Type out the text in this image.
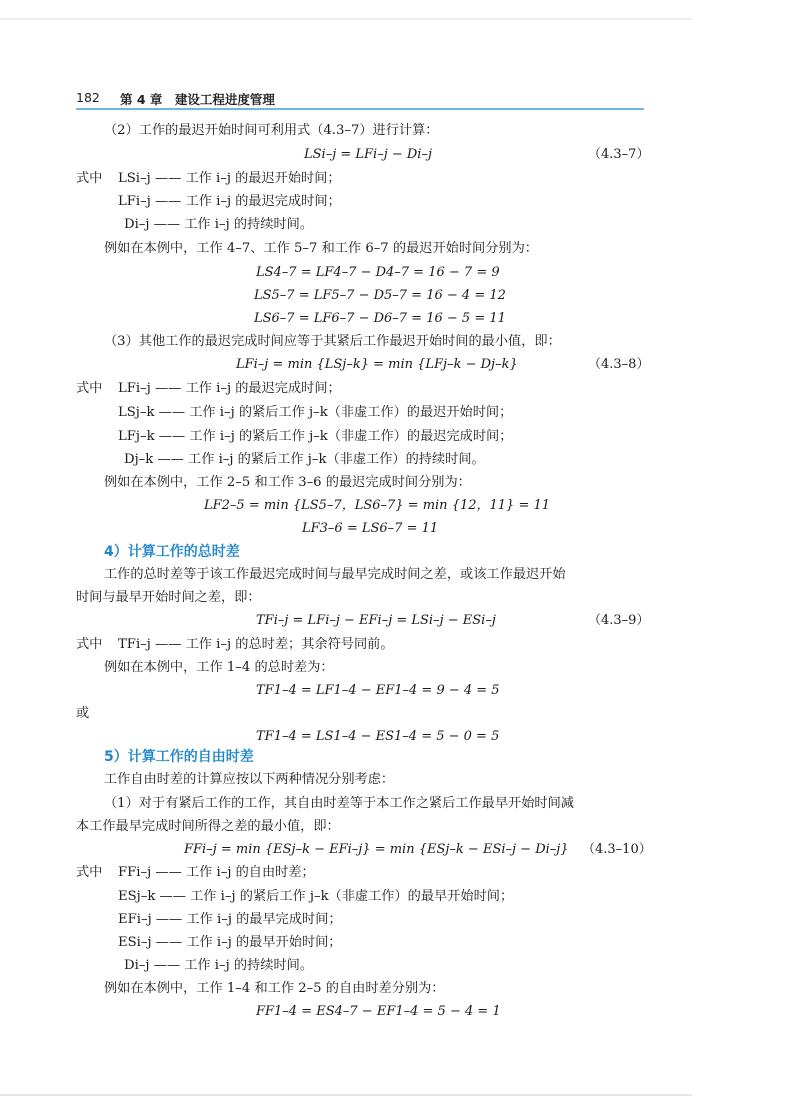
182 第 4 章　建设工程进度管理
（2）工作的最迟开始时间可利用式（4.3–7）进行计算：
LSi–j = LFi–j − Di–j	（4.3–7）
式中 LSi–j —— 工作 i–j 的最迟开始时间；
LFi–j —— 工作 i–j 的最迟完成时间；
Di–j —— 工作 i–j 的持续时间。
例如在本例中，工作 4–7、工作 5–7 和工作 6–7 的最迟开始时间分别为：
LS4–7 = LF4–7 − D4–7 = 16 − 7 = 9
LS5–7 = LF5–7 − D5–7 = 16 − 4 = 12
LS6–7 = LF6–7 − D6–7 = 16 − 5 = 11
（3）其他工作的最迟完成时间应等于其紧后工作最迟开始时间的最小值，即：
LFi–j = min {LSj–k} = min {LFj–k − Dj–k}	（4.3–8）
式中 LFi–j —— 工作 i–j 的最迟完成时间；
LSj–k —— 工作 i–j 的紧后工作 j–k（非虚工作）的最迟开始时间；
LFj–k —— 工作 i–j 的紧后工作 j–k（非虚工作）的最迟完成时间；
Dj–k —— 工作 i–j 的紧后工作 j–k（非虚工作）的持续时间。
例如在本例中，工作 2–5 和工作 3–6 的最迟完成时间分别为：
LF2–5 = min {LS5–7，LS6–7} = min {12，11} = 11
LF3–6 = LS6–7 = 11
4）计算工作的总时差
工作的总时差等于该工作最迟完成时间与最早完成时间之差，或该工作最迟开始
时间与最早开始时间之差，即：
TFi–j = LFi–j − EFi–j = LSi–j − ESi–j	（4.3–9）
式中 TFi–j —— 工作 i–j 的总时差；其余符号同前。
例如在本例中，工作 1–4 的总时差为：
TF1–4 = LF1–4 − EF1–4 = 9 − 4 = 5
或
TF1–4 = LS1–4 − ES1–4 = 5 − 0 = 5
5）计算工作的自由时差
工作自由时差的计算应按以下两种情况分别考虑：
（1）对于有紧后工作的工作，其自由时差等于本工作之紧后工作最早开始时间减
本工作最早完成时间所得之差的最小值，即：
FFi–j = min {ESj–k − EFi–j} = min {ESj–k − ESi–j − Di–j} （4.3–10）
式中 FFi–j —— 工作 i–j 的自由时差；
ESj–k —— 工作 i–j 的紧后工作 j–k（非虚工作）的最早开始时间；
EFi–j —— 工作 i–j 的最早完成时间；
ESi–j —— 工作 i–j 的最早开始时间；
Di–j —— 工作 i–j 的持续时间。
例如在本例中，工作 1–4 和工作 2–5 的自由时差分别为：
FF1–4 = ES4–7 − EF1–4 = 5 − 4 = 1
